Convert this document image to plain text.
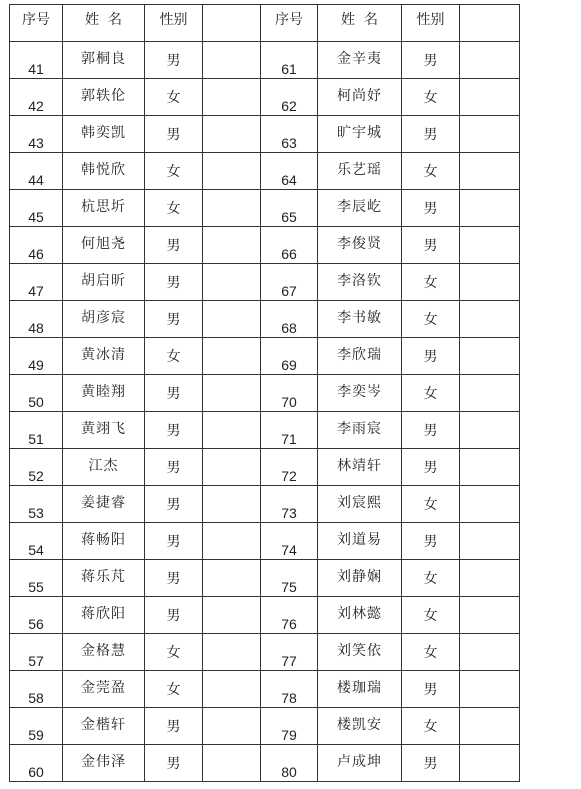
序号	姓  名	性别		序号	姓  名	性别	
41	郭桐良	男		61	金辛夷	男	
42	郭轶伦	女		62	柯尚妤	女	
43	韩奕凯	男		63	旷宇城	男	
44	韩悦欣	女		64	乐艺瑶	女	
45	杭思圻	女		65	李辰屹	男	
46	何旭尧	男		66	李俊贤	男	
47	胡启昕	男		67	李洛钦	女	
48	胡彦宸	男		68	李书敏	女	
49	黄冰清	女		69	李欣瑞	男	
50	黄睦翔	男		70	李奕岑	女	
51	黄翊飞	男		71	李雨宸	男	
52	江杰	男		72	林靖轩	男	
53	姜捷睿	男		73	刘宸熙	女	
54	蒋畅阳	男		74	刘道易	男	
55	蒋乐芃	男		75	刘静娴	女	
56	蒋欣阳	男		76	刘林懿	女	
57	金格慧	女		77	刘笑依	女	
58	金莞盈	女		78	楼珈瑞	男	
59	金楷轩	男		79	楼凯安	女	
60	金伟泽	男		80	卢成坤	男	
